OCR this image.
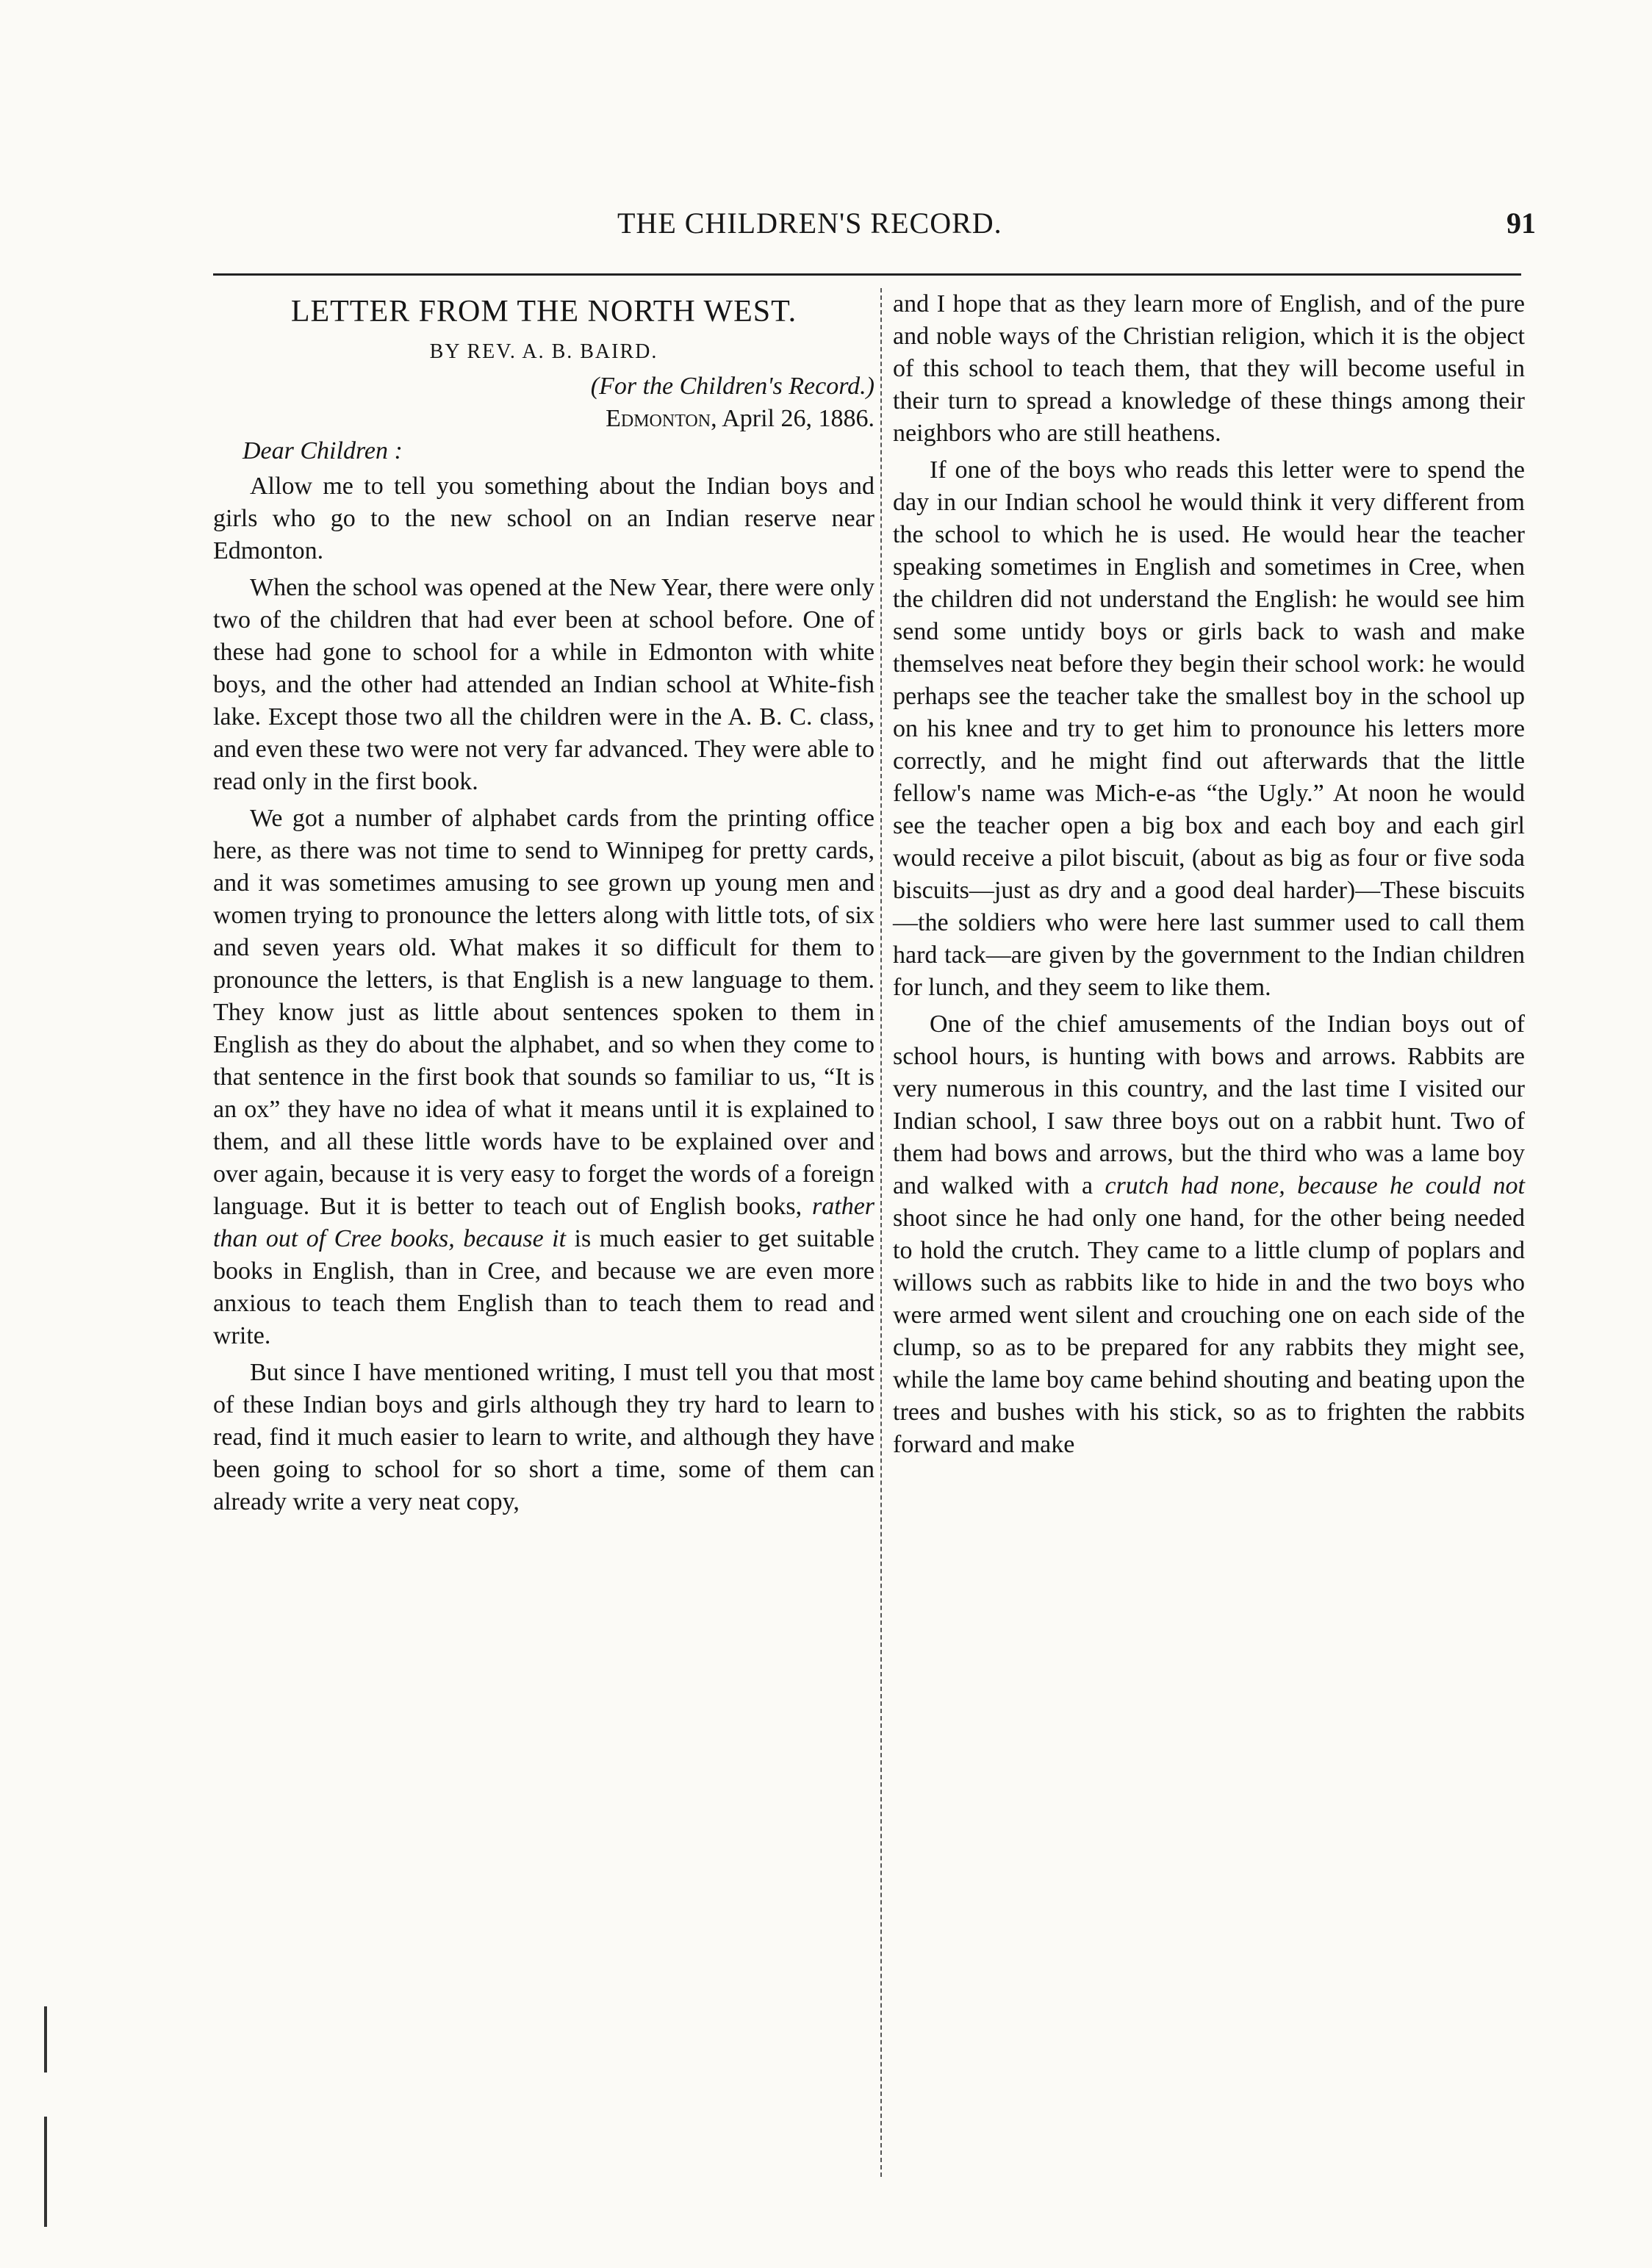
THE CHILDREN'S RECORD.	91
LETTER FROM THE NORTH WEST.
BY REV. A. B. BAIRD.
(For the Children's Record.)
Edmonton, April 26, 1886.
Dear Children :

Allow me to tell you something about the Indian boys and girls who go to the new school on an Indian reserve near Edmonton.

When the school was opened at the New Year, there were only two of the children that had ever been at school before. One of these had gone to school for a while in Edmonton with white boys, and the other had attended an Indian school at White-fish lake. Except those two all the children were in the A. B. C. class, and even these two were not very far advanced. They were able to read only in the first book.

We got a number of alphabet cards from the printing office here, as there was not time to send to Winnipeg for pretty cards, and it was sometimes amusing to see grown up young men and women trying to pronounce the letters along with little tots, of six and seven years old. What makes it so difficult for them to pronounce the letters, is that English is a new language to them. They know just as little about sentences spoken to them in English as they do about the alphabet, and so when they come to that sentence in the first book that sounds so familiar to us, “It is an ox” they have no idea of what it means until it is explained to them, and all these little words have to be explained over and over again, because it is very easy to forget the words of a foreign language. But it is better to teach out of English books, rather than out of Cree books, because it is much easier to get suitable books in English, than in Cree, and because we are even more anxious to teach them English than to teach them to read and write.

But since I have mentioned writing, I must tell you that most of these Indian boys and girls although they try hard to learn to read, find it much easier to learn to write, and although they have been going to school for so short a time, some of them can already write a very neat copy,

and I hope that as they learn more of English, and of the pure and noble ways of the Christian religion, which it is the object of this school to teach them, that they will become useful in their turn to spread a knowledge of these things among their neighbors who are still heathens.

If one of the boys who reads this letter were to spend the day in our Indian school he would think it very different from the school to which he is used. He would hear the teacher speaking sometimes in English and sometimes in Cree, when the children did not understand the English: he would see him send some untidy boys or girls back to wash and make themselves neat before they begin their school work: he would perhaps see the teacher take the smallest boy in the school up on his knee and try to get him to pronounce his letters more correctly, and he might find out afterwards that the little fellow's name was Mich-e-as “the Ugly.” At noon he would see the teacher open a big box and each boy and each girl would receive a pilot biscuit, (about as big as four or five soda biscuits—just as dry and a good deal harder)—These biscuits—the soldiers who were here last summer used to call them hard tack—are given by the government to the Indian children for lunch, and they seem to like them.

One of the chief amusements of the Indian boys out of school hours, is hunting with bows and arrows. Rabbits are very numerous in this country, and the last time I visited our Indian school, I saw three boys out on a rabbit hunt. Two of them had bows and arrows, but the third who was a lame boy and walked with a crutch had none, because he could not shoot since he had only one hand, for the other being needed to hold the crutch. They came to a little clump of poplars and willows such as rabbits like to hide in and the two boys who were armed went silent and crouching one on each side of the clump, so as to be prepared for any rabbits they might see, while the lame boy came behind shouting and beating upon the trees and bushes with his stick, so as to frighten the rabbits forward and make
